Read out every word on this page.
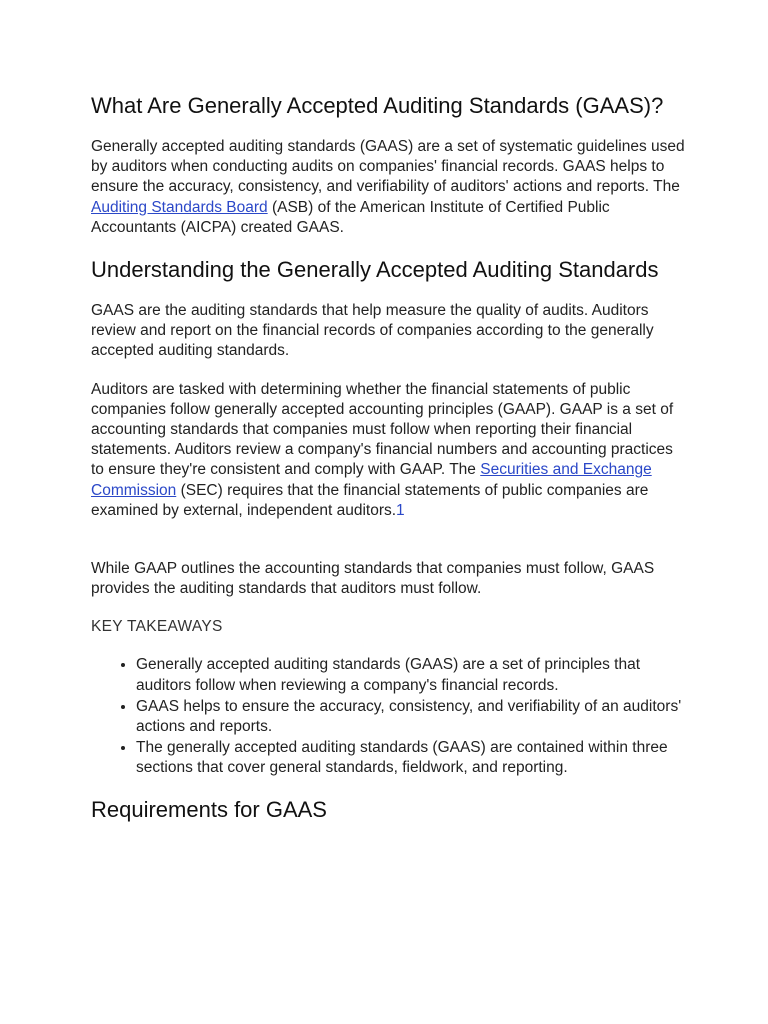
What Are Generally Accepted Auditing Standards (GAAS)?

Generally accepted auditing standards (GAAS) are a set of systematic guidelines used by auditors when conducting audits on companies' financial records. GAAS helps to ensure the accuracy, consistency, and verifiability of auditors' actions and reports. The Auditing Standards Board (ASB) of the American Institute of Certified Public Accountants (AICPA) created GAAS.

Understanding the Generally Accepted Auditing Standards

GAAS are the auditing standards that help measure the quality of audits. Auditors review and report on the financial records of companies according to the generally accepted auditing standards.

Auditors are tasked with determining whether the financial statements of public companies follow generally accepted accounting principles (GAAP). GAAP is a set of accounting standards that companies must follow when reporting their financial statements. Auditors review a company's financial numbers and accounting practices to ensure they're consistent and comply with GAAP. The Securities and Exchange Commission (SEC) requires that the financial statements of public companies are examined by external, independent auditors.1

While GAAP outlines the accounting standards that companies must follow, GAAS provides the auditing standards that auditors must follow.

KEY TAKEAWAYS

• Generally accepted auditing standards (GAAS) are a set of principles that auditors follow when reviewing a company's financial records.
• GAAS helps to ensure the accuracy, consistency, and verifiability of an auditors' actions and reports.
• The generally accepted auditing standards (GAAS) are contained within three sections that cover general standards, fieldwork, and reporting.
Requirements for GAAS
